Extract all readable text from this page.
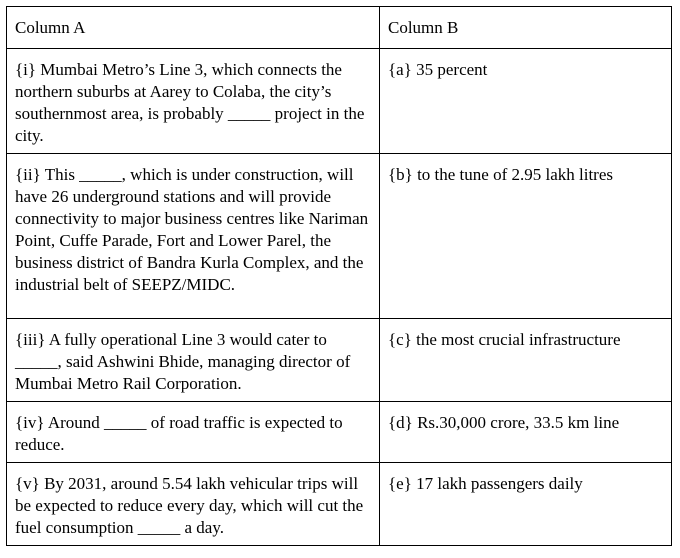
Column A	Column B
{i} Mumbai Metro’s Line 3, which connects the northern suburbs at Aarey to Colaba, the city’s southernmost area, is probably _____ project in the city.	{a} 35 percent
{ii} This _____, which is under construction, will have 26 underground stations and will provide connectivity to major business centres like Nariman Point, Cuffe Parade, Fort and Lower Parel, the business district of Bandra Kurla Complex, and the industrial belt of SEEPZ/MIDC.	{b} to the tune of 2.95 lakh litres
{iii} A fully operational Line 3 would cater to _____, said Ashwini Bhide, managing director of Mumbai Metro Rail Corporation.	{c} the most crucial infrastructure
{iv} Around _____ of road traffic is expected to reduce.	{d} Rs.30,000 crore, 33.5 km line
{v} By 2031, around 5.54 lakh vehicular trips will be expected to reduce every day, which will cut the fuel consumption _____ a day.	{e} 17 lakh passengers daily
